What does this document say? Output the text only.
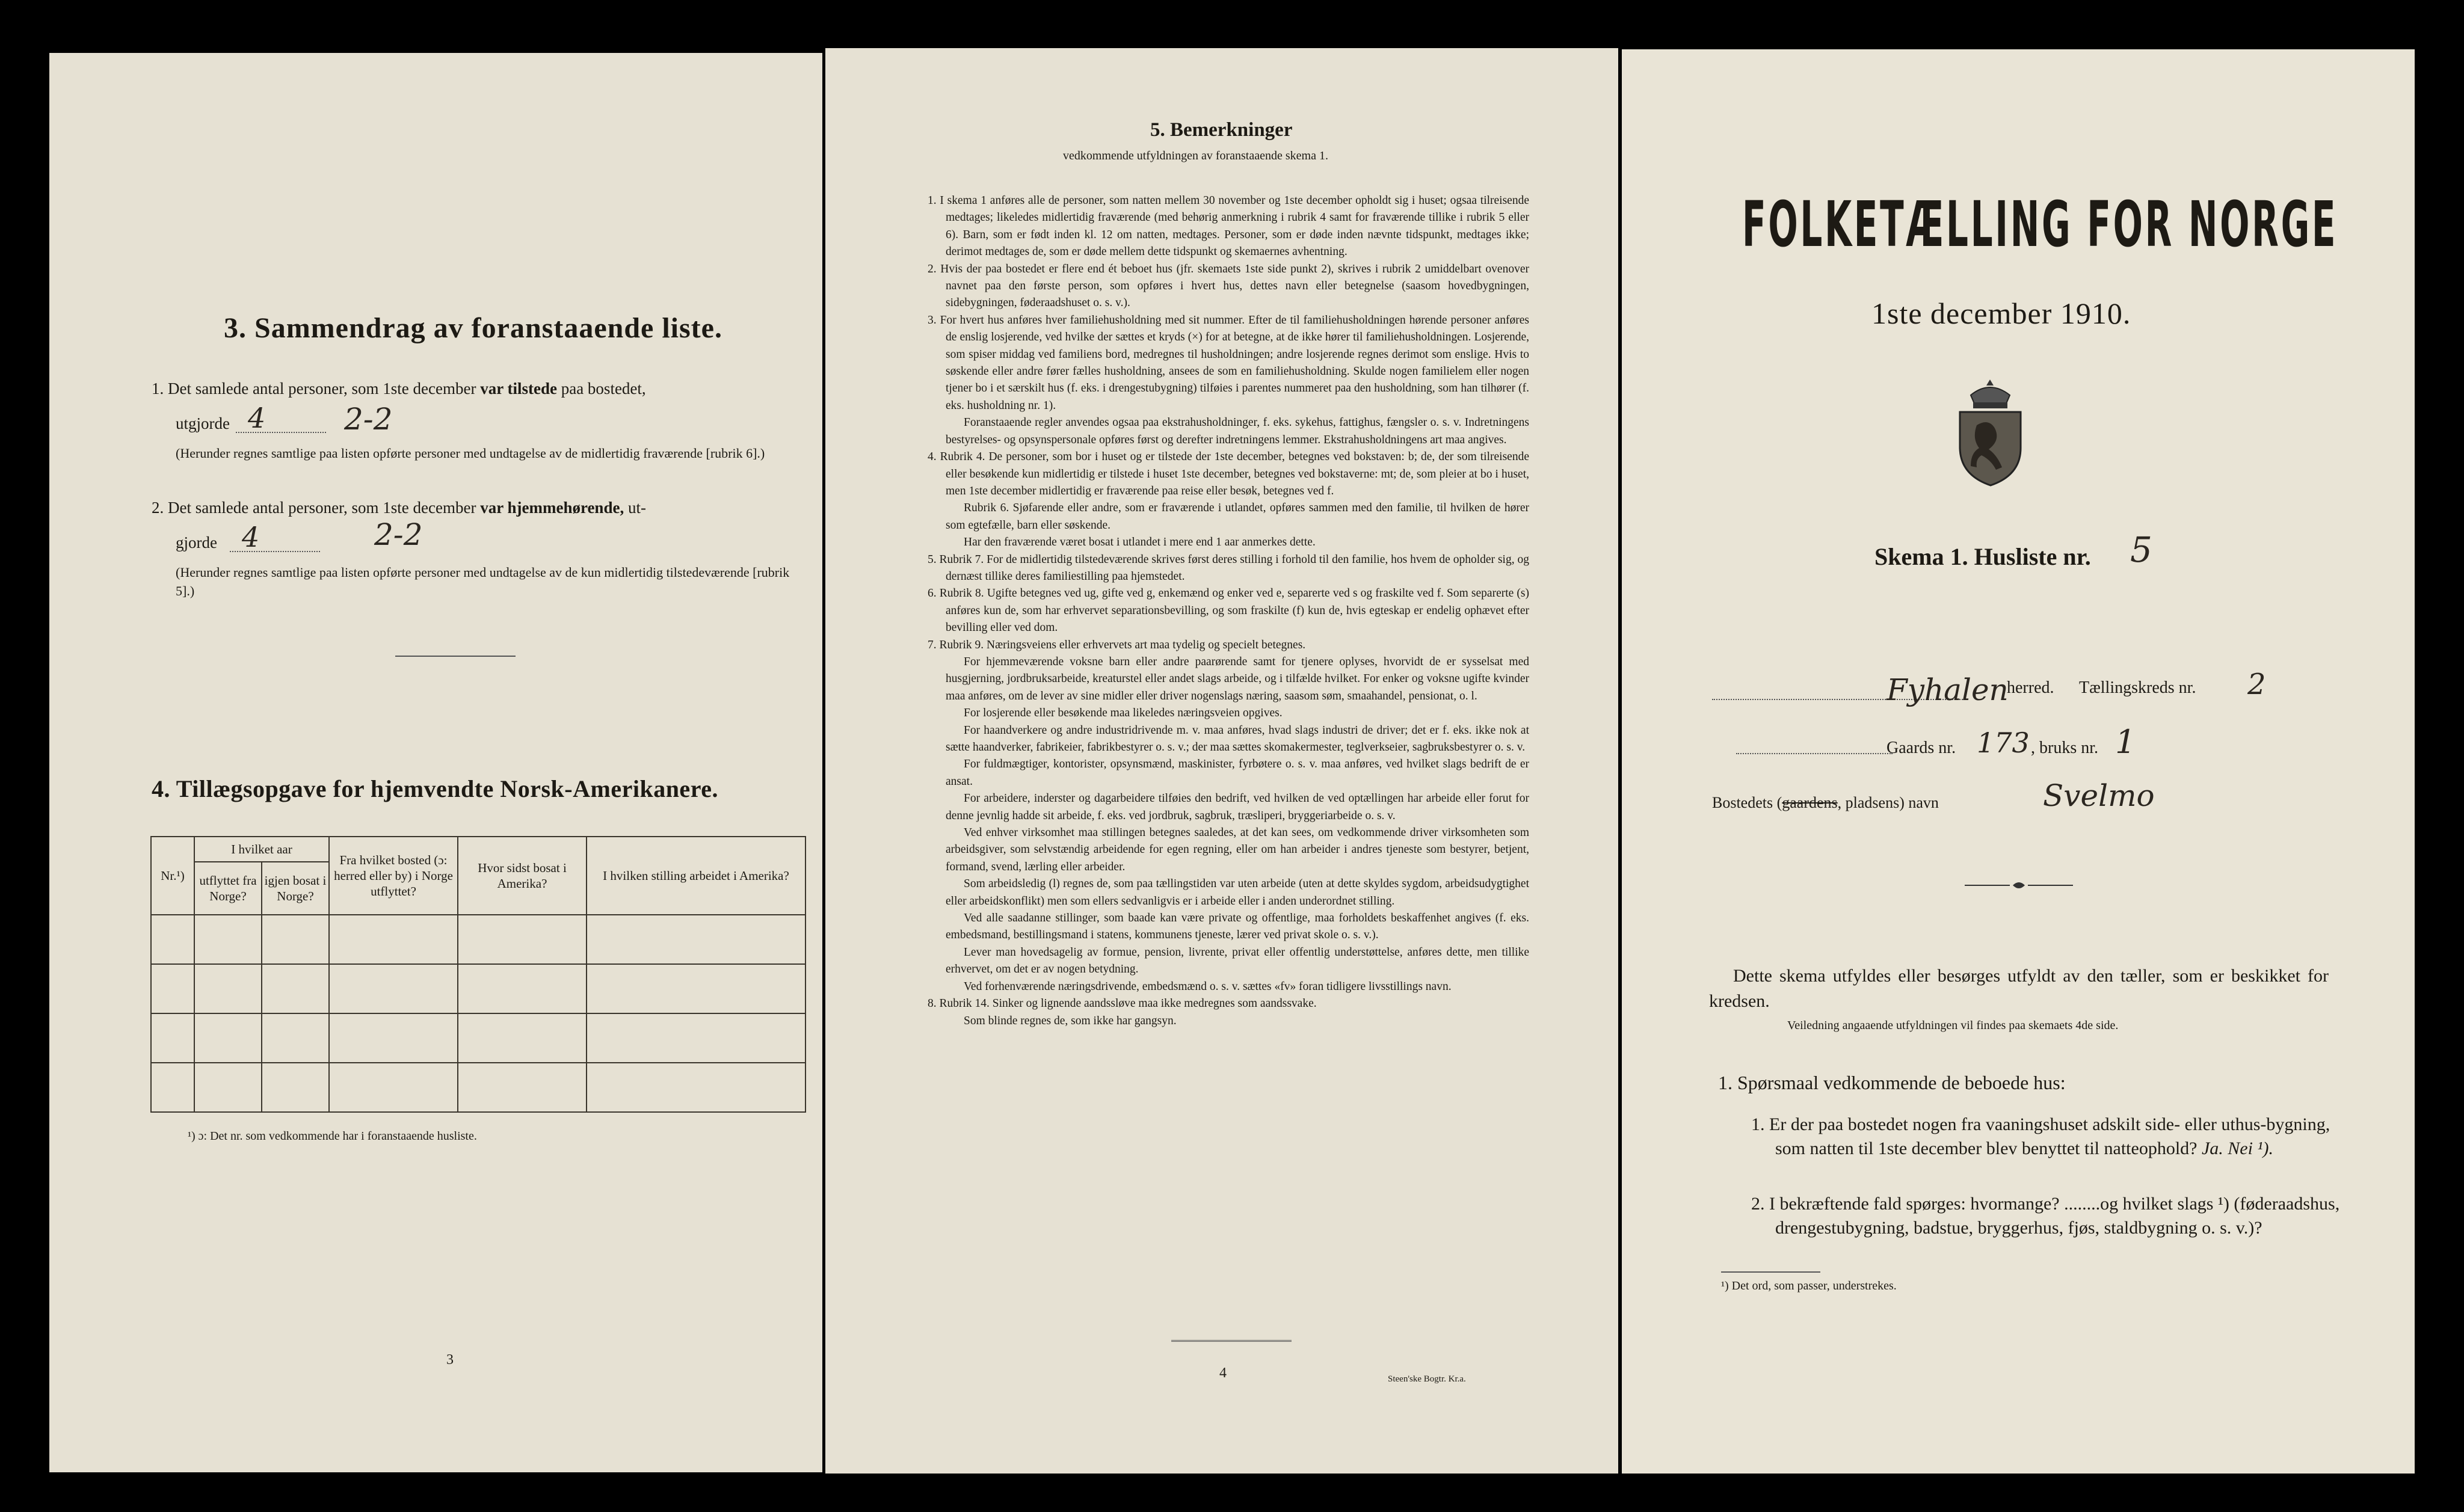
3. Sammendrag av foranstaaende liste.
1. Det samlede antal personer, som 1ste december var tilstede paa bostedet,
utgjorde 4	2-2
(Herunder regnes samtlige paa listen opførte personer med undtagelse av de midlertidig fraværende [rubrik 6].)
2. Det samlede antal personer, som 1ste december var hjemmehørende, ut-
gjorde 4	2-2
(Herunder regnes samtlige paa listen opførte personer med undtagelse av de kun midlertidig tilstedeværende [rubrik 5].)
4. Tillægsopgave for hjemvendte Norsk-Amerikanere.
Nr.¹)	I hvilket aar		Fra hvilket bosted (ɔ: herred eller by) i Norge utflyttet?	Hvor sidst bosat i Amerika?	I hvilken stilling arbeidet i Amerika?
	utflyttet fra Norge?	igjen bosat i Norge?			

¹) ɔ: Det nr. som vedkommende har i foranstaaende husliste.
3
5. Bemerkninger
vedkommende utfyldningen av foranstaaende skema 1.

1. I skema 1 anføres alle de personer, som natten mellem 30 november og 1ste december opholdt sig i huset; ogsaa tilreisende medtages; likeledes midlertidig fraværende (med behørig anmerkning i rubrik 4 samt for fraværende tillike i rubrik 5 eller 6). Barn, som er født inden kl. 12 om natten, medtages. Personer, som er døde inden nævnte tidspunkt, medtages ikke; derimot medtages de, som er døde mellem dette tidspunkt og skemaernes avhentning.

2. Hvis der paa bostedet er flere end ét beboet hus (jfr. skemaets 1ste side punkt 2), skrives i rubrik 2 umiddelbart ovenover navnet paa den første person, som opføres i hvert hus, dettes navn eller betegnelse (saasom hovedbygningen, sidebygningen, føderaadshuset o. s. v.).

3. For hvert hus anføres hver familiehusholdning med sit nummer. Efter de til familiehusholdningen hørende personer anføres de enslig losjerende, ved hvilke der sættes et kryds (×) for at betegne, at de ikke hører til familiehusholdningen. Losjerende, som spiser middag ved familiens bord, medregnes til husholdningen; andre losjerende regnes derimot som enslige. Hvis to søskende eller andre fører fælles husholdning, ansees de som en familiehusholdning. Skulde nogen familielem eller nogen tjener bo i et særskilt hus (f. eks. i drengestubygning) tilføies i parentes nummeret paa den husholdning, som han tilhører (f. eks. husholdning nr. 1).

Foranstaaende regler anvendes ogsaa paa ekstrahusholdninger, f. eks. sykehus, fattighus, fængsler o. s. v. Indretningens bestyrelses- og opsynspersonale opføres først og derefter indretningens lemmer. Ekstrahusholdningens art maa angives.

4. Rubrik 4. De personer, som bor i huset og er tilstede der 1ste december, betegnes ved bokstaven: b; de, der som tilreisende eller besøkende kun midlertidig er tilstede i huset 1ste december, betegnes ved bokstaverne: mt; de, som pleier at bo i huset, men 1ste december midlertidig er fraværende paa reise eller besøk, betegnes ved f.

Rubrik 6. Sjøfarende eller andre, som er fraværende i utlandet, opføres sammen med den familie, til hvilken de hører som egtefælle, barn eller søskende.

Har den fraværende været bosat i utlandet i mere end 1 aar anmerkes dette.

5. Rubrik 7. For de midlertidig tilstedeværende skrives først deres stilling i forhold til den familie, hos hvem de opholder sig, og dernæst tillike deres familiestilling paa hjemstedet.

6. Rubrik 8. Ugifte betegnes ved ug, gifte ved g, enkemænd og enker ved e, separerte ved s og fraskilte ved f. Som separerte (s) anføres kun de, som har erhvervet separationsbevilling, og som fraskilte (f) kun de, hvis egteskap er endelig ophævet efter bevilling eller ved dom.

7. Rubrik 9. Næringsveiens eller erhvervets art maa tydelig og specielt betegnes.

For hjemmeværende voksne barn eller andre paarørende samt for tjenere oplyses, hvorvidt de er sysselsat med husgjerning, jordbruksarbeide, kreaturstel eller andet slags arbeide, og i tilfælde hvilket. For enker og voksne ugifte kvinder maa anføres, om de lever av sine midler eller driver nogenslags næring, saasom søm, smaahandel, pensionat, o. l.

For losjerende eller besøkende maa likeledes næringsveien opgives.

For haandverkere og andre industridrivende m. v. maa anføres, hvad slags industri de driver; det er f. eks. ikke nok at sætte haandverker, fabrikeier, fabrikbestyrer o. s. v.; der maa sættes skomakermester, teglverkseier, sagbruksbestyrer o. s. v.

For fuldmægtiger, kontorister, opsynsmænd, maskinister, fyrbøtere o. s. v. maa anføres, ved hvilket slags bedrift de er ansat.

For arbeidere, inderster og dagarbeidere tilføies den bedrift, ved hvilken de ved optællingen har arbeide eller forut for denne jevnlig hadde sit arbeide, f. eks. ved jordbruk, sagbruk, træsliperi, bryggeriarbeide o. s. v.

Ved enhver virksomhet maa stillingen betegnes saaledes, at det kan sees, om vedkommende driver virksomheten som arbeidsgiver, som selvstændig arbeidende for egen regning, eller om han arbeider i andres tjeneste som bestyrer, betjent, formand, svend, lærling eller arbeider.

Som arbeidsledig (l) regnes de, som paa tællingstiden var uten arbeide (uten at dette skyldes sygdom, arbeidsudygtighet eller arbeidskonflikt) men som ellers sedvanligvis er i arbeide eller i anden underordnet stilling.

Ved alle saadanne stillinger, som baade kan være private og offentlige, maa forholdets beskaffenhet angives (f. eks. embedsmand, bestillingsmand i statens, kommunens tjeneste, lærer ved privat skole o. s. v.).

Lever man hovedsagelig av formue, pension, livrente, privat eller offentlig understøttelse, anføres dette, men tillike erhvervet, om det er av nogen betydning.

Ved forhenværende næringsdrivende, embedsmænd o. s. v. sættes «fv» foran tidligere livsstillings navn.

8. Rubrik 14. Sinker og lignende aandssløve maa ikke medregnes som aandssvake.

Som blinde regnes de, som ikke har gangsyn.

4	Steen'ske Bogtr. Kr.a.
FOLKETÆLLING FOR NORGE
1ste december 1910.
Skema 1. Husliste nr. 5
Fyhalen
herred. Tællingskreds nr. 2
Gaards nr. 173 , bruks nr. 1
Bostedets (gaardens, pladsens) navn	Svelmo
Dette skema utfyldes eller besørges utfyldt av den tæller, som er beskikket for kredsen.
Veiledning angaaende utfyldningen vil findes paa skemaets 4de side.
1. Spørsmaal vedkommende de beboede hus:
1. Er der paa bostedet nogen fra vaaningshuset adskilt side- eller uthus-bygning, som natten til 1ste december blev benyttet til natteophold? Ja. Nei ¹).
2. I bekræftende fald spørges: hvormange? ........og hvilket slags ¹) (føderaadshus, drengestubygning, badstue, bryggerhus, fjøs, staldbygning o. s. v.)?
¹) Det ord, som passer, understrekes.
